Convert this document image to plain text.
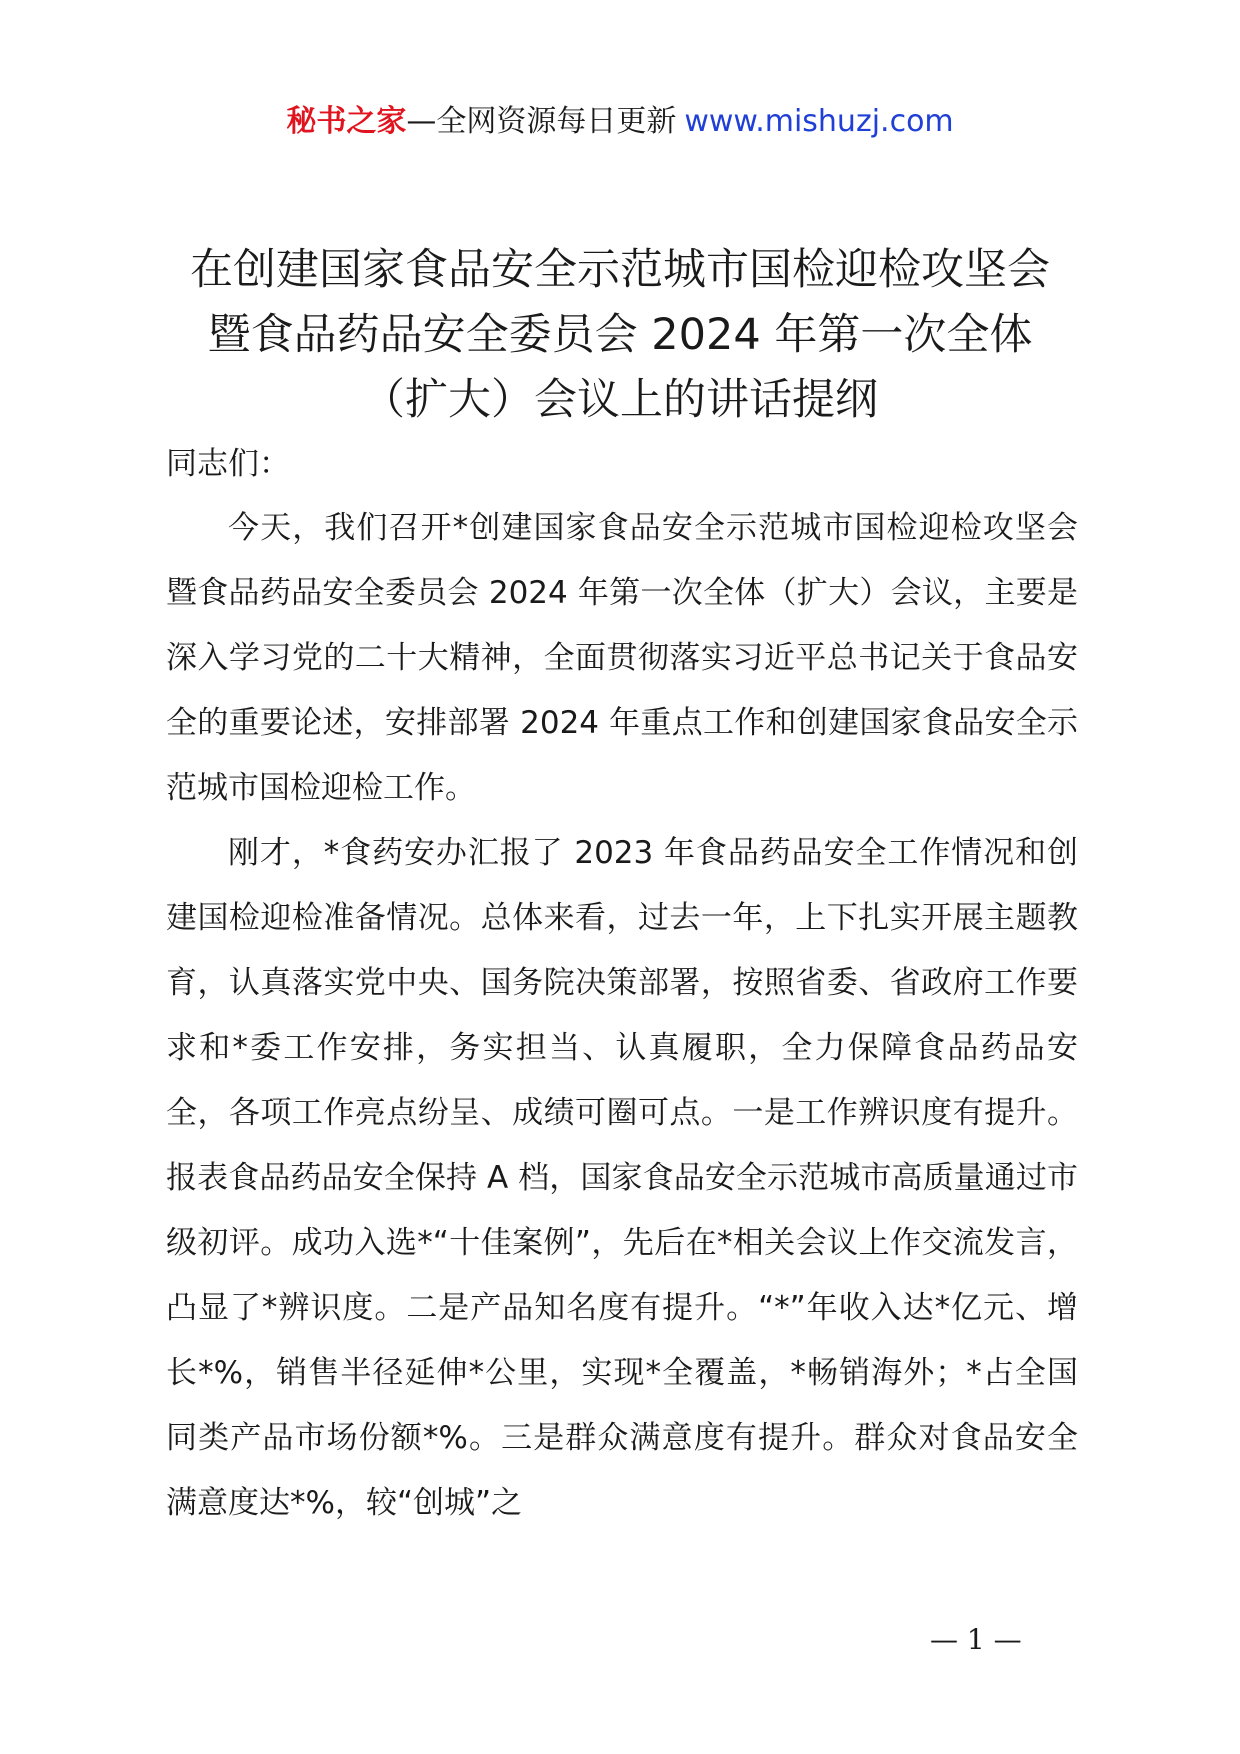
秘书之家—全网资源每日更新 www.mishuzj.com
在创建国家食品安全示范城市国检迎检攻坚会
暨食品药品安全委员会 2024 年第一次全体
（扩大）会议上的讲话提纲

同志们：

今天，我们召开*创建国家食品安全示范城市国检迎检攻坚会暨食品药品安全委员会 2024 年第一次全体（扩大）会议，主要是深入学习党的二十大精神，全面贯彻落实习近平总书记关于食品安全的重要论述，安排部署 2024 年重点工作和创建国家食品安全示范城市国检迎检工作。

刚才，*食药安办汇报了 2023 年食品药品安全工作情况和创建国检迎检准备情况。总体来看，过去一年，上下扎实开展主题教育，认真落实党中央、国务院决策部署，按照省委、省政府工作要求和*委工作安排，务实担当、认真履职，全力保障食品药品安全，各项工作亮点纷呈、成绩可圈可点。一是工作辨识度有提升。报表食品药品安全保持 A 档，国家食品安全示范城市高质量通过市级初评。成功入选*“十佳案例”，先后在*相关会议上作交流发言，凸显了*辨识度。二是产品知名度有提升。“*”年收入达*亿元、增长*%，销售半径延伸*公里，实现*全覆盖，*畅销海外；*占全国同类产品市场份额*%。三是群众满意度有提升。群众对食品安全满意度达*%，较“创城”之

— 1 —
